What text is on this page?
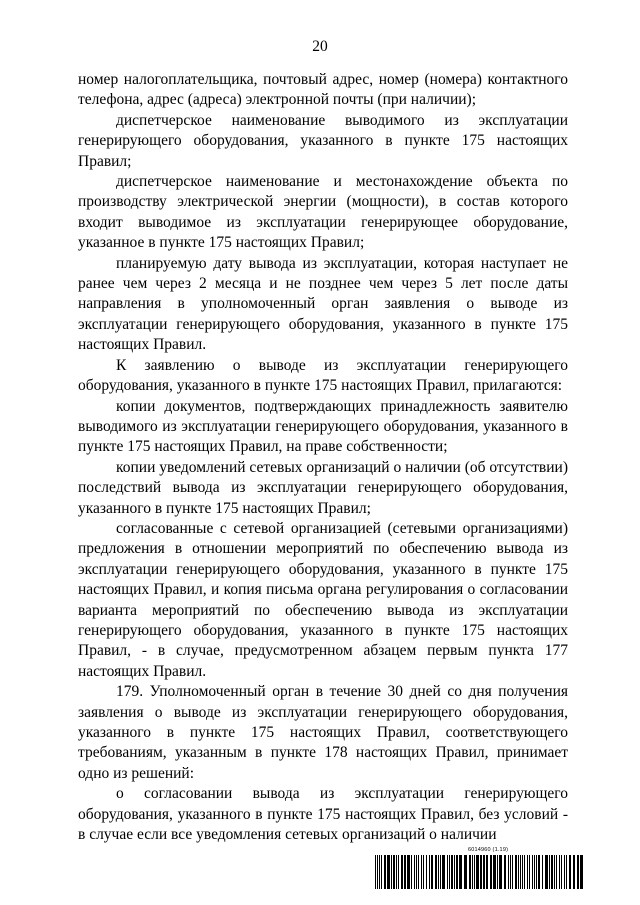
20

номер налогоплательщика, почтовый адрес, номер (номера) контактного телефона, адрес (адреса) электронной почты (при наличии);

диспетчерское наименование выводимого из эксплуатации генерирующего оборудования, указанного в пункте 175 настоящих Правил;

диспетчерское наименование и местонахождение объекта по производству электрической энергии (мощности), в состав которого входит выводимое из эксплуатации генерирующее оборудование, указанное в пункте 175 настоящих Правил;

планируемую дату вывода из эксплуатации, которая наступает не ранее чем через 2 месяца и не позднее чем через 5 лет после даты направления в уполномоченный орган заявления о выводе из эксплуатации генерирующего оборудования, указанного в пункте 175 настоящих Правил.

К заявлению о выводе из эксплуатации генерирующего оборудования, указанного в пункте 175 настоящих Правил, прилагаются:

копии документов, подтверждающих принадлежность заявителю выводимого из эксплуатации генерирующего оборудования, указанного в пункте 175 настоящих Правил, на праве собственности;

копии уведомлений сетевых организаций о наличии (об отсутствии) последствий вывода из эксплуатации генерирующего оборудования, указанного в пункте 175 настоящих Правил;

согласованные с сетевой организацией (сетевыми организациями) предложения в отношении мероприятий по обеспечению вывода из эксплуатации генерирующего оборудования, указанного в пункте 175 настоящих Правил, и копия письма органа регулирования о согласовании варианта мероприятий по обеспечению вывода из эксплуатации генерирующего оборудования, указанного в пункте 175 настоящих Правил, - в случае, предусмотренном абзацем первым пункта 177 настоящих Правил.

179. Уполномоченный орган в течение 30 дней со дня получения заявления о выводе из эксплуатации генерирующего оборудования, указанного в пункте 175 настоящих Правил, соответствующего требованиям, указанным в пункте 178 настоящих Правил, принимает одно из решений:

о согласовании вывода из эксплуатации генерирующего оборудования, указанного в пункте 175 настоящих Правил, без условий - в случае если все уведомления сетевых организаций о наличии

6014960 (1.19)
